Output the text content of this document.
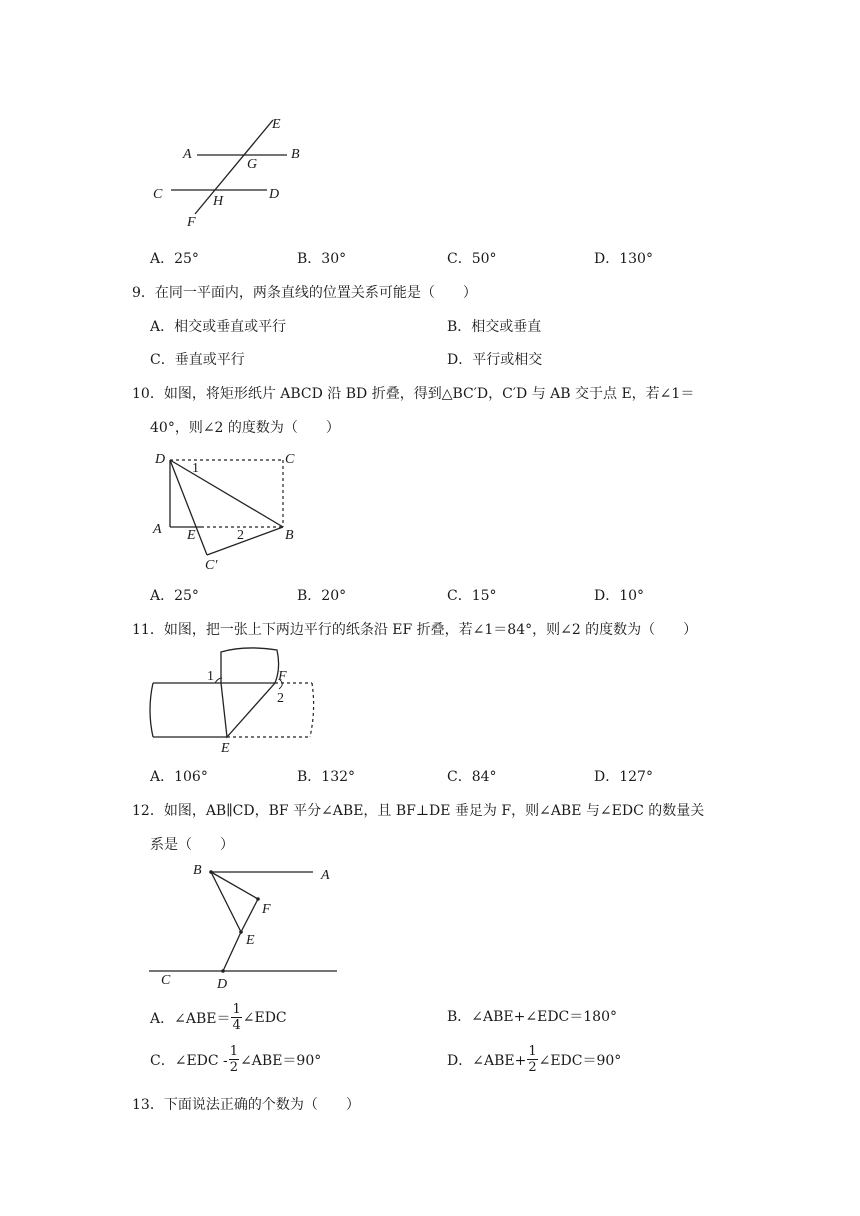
E
A
G
B
C	H	D
F
A．25°	B．30°	C．50°	D．130°
9．在同一平面内，两条直线的位置关系可能是（　　）
A．相交或垂直或平行	B．相交或垂直
C．垂直或平行	D．平行或相交
10．如图，将矩形纸片 ABCD 沿 BD 折叠，得到△BC′D，C′D 与 AB 交于点 E，若∠1＝
40°，则∠2 的度数为（　　）
D
1
C
A E	2	B
C′
A．25°	B．20°	C．15°	D．10°
11．如图，把一张上下两边平行的纸条沿 EF 折叠，若∠1＝84°，则∠2 的度数为（　　）
1	F
2
E
A．106°	B．132°	C．84°	D．127°
12．如图，AB∥CD，BF 平分∠ABE，且 BF⊥DE 垂足为 F，则∠ABE 与∠EDC 的数量关
系是（　　）
B	A
F
E
C	D
A．∠ABE＝ $\frac{1}{4}$ ∠EDC	B．∠ABE+∠EDC＝180°
C．∠EDC - $\frac{1}{2}$ ∠ABE＝90°	D．∠ABE+ $\frac{1}{2}$ ∠EDC＝90°
13．下面说法正确的个数为（　　）
